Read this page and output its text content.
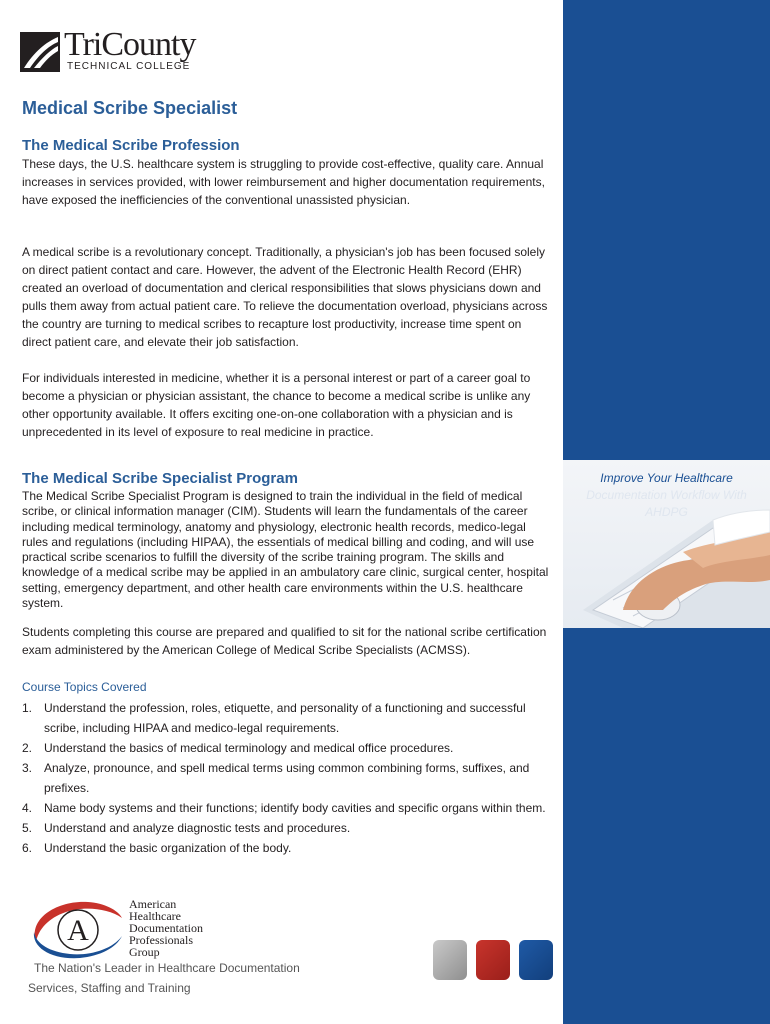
Improve Your Healthcare
Documentation Workflow With
AHDPG
TriCounty
TECHNICAL COLLEGE
Medical Scribe Specialist
The Medical Scribe Profession

These days, the U.S. healthcare system is struggling to provide cost-effective, quality care. Annual increases in services provided, with lower reimbursement and higher documentation requirements, have exposed the inefficiencies of the conventional unassisted physician.

A medical scribe is a revolutionary concept. Traditionally, a physician's job has been focused solely on direct patient contact and care. However, the advent of the Electronic Health Record (EHR) created an overload of documentation and clerical responsibilities that slows physicians down and pulls them away from actual patient care. To relieve the documentation overload, physicians across the country are turning to medical scribes to recapture lost productivity, increase time spent on direct patient care, and elevate their job satisfaction.

For individuals interested in medicine, whether it is a personal interest or part of a career goal to become a physician or physician assistant, the chance to become a medical scribe is unlike any other opportunity available. It offers exciting one-on-one collaboration with a physician and is unprecedented in its level of exposure to real medicine in practice.

The Medical Scribe Specialist Program

The Medical Scribe Specialist Program is designed to train the individual in the field of medical scribe, or clinical information manager (CIM). Students will learn the fundamentals of the career including medical terminology, anatomy and physiology, electronic health records, medico-legal rules and regulations (including HIPAA), the essentials of medical billing and coding, and will use practical scribe scenarios to fulfill the diversity of the scribe training program. The skills and knowledge of a medical scribe may be applied in an ambulatory care clinic, surgical center, hospital setting, emergency department, and other health care environments within the U.S. healthcare system.

Students completing this course are prepared and qualified to sit for the national scribe certification exam administered by the American College of Medical Scribe Specialists (ACMSS).

Course Topics Covered

1. Understand the profession, roles, etiquette, and personality of a functioning and successful scribe, including HIPAA and medico-legal requirements.
2. Understand the basics of medical terminology and medical office procedures.
3. Analyze, pronounce, and spell medical terms using common combining forms, suffixes, and prefixes.
4. Name body systems and their functions; identify body cavities and specific organs within them.
5. Understand and analyze diagnostic tests and procedures.
6. Understand the basic organization of the body.
A
American
Healthcare
Documentation
Professionals
Group
The Nation's Leader in Healthcare Documentation
Services, Staffing and Training
